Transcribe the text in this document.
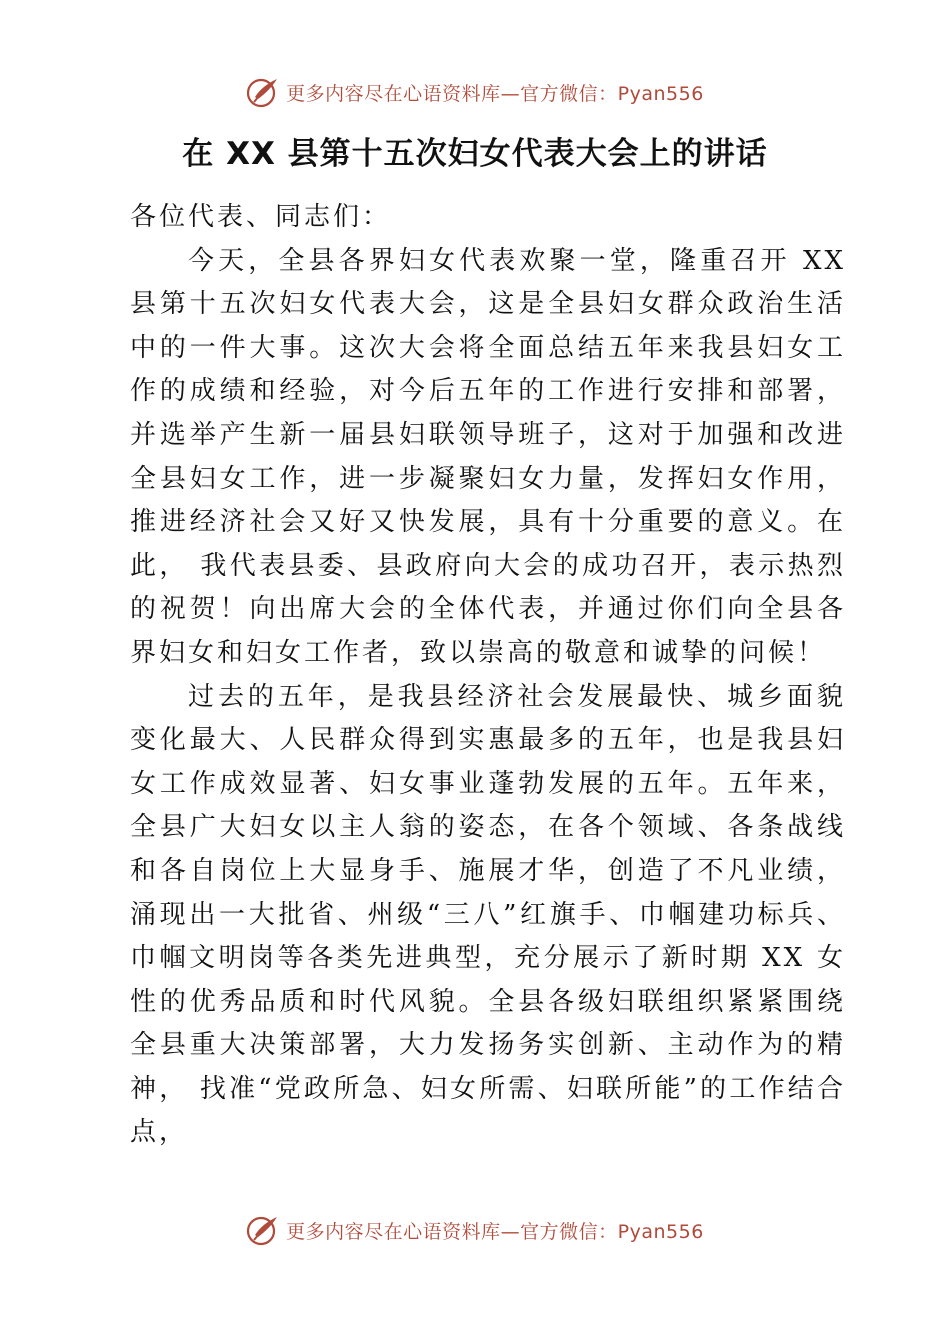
更多内容尽在心语资料库—官方微信：Pyan556
在 XX 县第十五次妇女代表大会上的讲话

各位代表、同志们：

今天，全县各界妇女代表欢聚一堂，隆重召开 XX 县第十五次妇女代表大会，这是全县妇女群众政治生活中的一件大事。这次大会将全面总结五年来我县妇女工作的成绩和经验，对今后五年的工作进行安排和部署，并选举产生新一届县妇联领导班子，这对于加强和改进全县妇女工作，进一步凝聚妇女力量，发挥妇女作用，推进经济社会又好又快发展，具有十分重要的意义。在此， 我代表县委、县政府向大会的成功召开，表示热烈的祝贺！向出席大会的全体代表，并通过你们向全县各界妇女和妇女工作者，致以崇高的敬意和诚挚的问候！

过去的五年，是我县经济社会发展最快、城乡面貌变化最大、人民群众得到实惠最多的五年，也是我县妇女工作成效显著、妇女事业蓬勃发展的五年。五年来， 全县广大妇女以主人翁的姿态，在各个领域、各条战线和各自岗位上大显身手、施展才华，创造了不凡业绩， 涌现出一大批省、州级“三八”红旗手、巾帼建功标兵、巾帼文明岗等各类先进典型，充分展示了新时期 XX 女性的优秀品质和时代风貌。全县各级妇联组织紧紧围绕全县重大决策部署，大力发扬务实创新、主动作为的精神， 找准“党政所急、妇女所需、妇联所能”的工作结合点，

更多内容尽在心语资料库—官方微信：Pyan556
